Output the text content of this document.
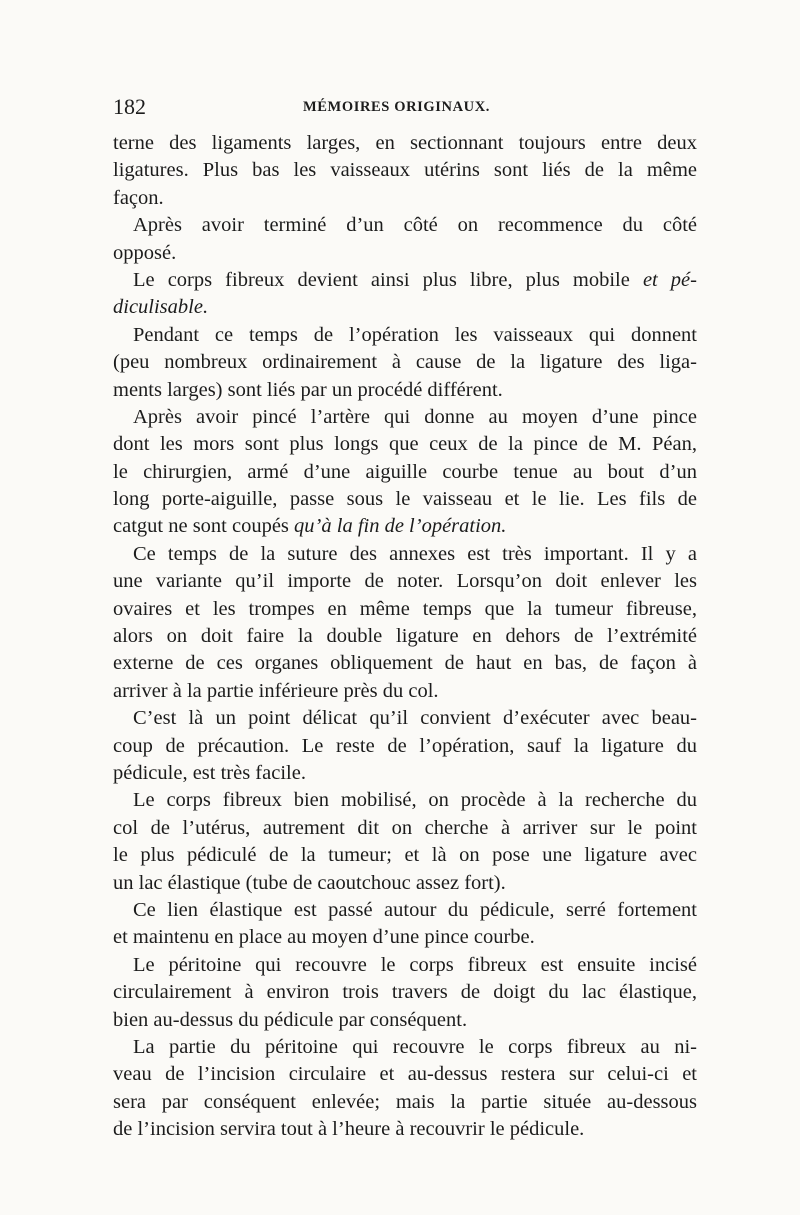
182	MÉMOIRES ORIGINAUX.
terne des ligaments larges, en sectionnant toujours entre deux
ligatures. Plus bas les vaisseaux utérins sont liés de la même
façon.
Après avoir terminé d’un côté on recommence du côté
opposé.
Le corps fibreux devient ainsi plus libre, plus mobile et pé-
diculisable.
Pendant ce temps de l’opération les vaisseaux qui donnent
(peu nombreux ordinairement à cause de la ligature des liga-
ments larges) sont liés par un procédé différent.
Après avoir pincé l’artère qui donne au moyen d’une pince
dont les mors sont plus longs que ceux de la pince de M. Péan,
le chirurgien, armé d’une aiguille courbe tenue au bout d’un
long porte-aiguille, passe sous le vaisseau et le lie. Les fils de
catgut ne sont coupés qu’à la fin de l’opération.
Ce temps de la suture des annexes est très important. Il y a
une variante qu’il importe de noter. Lorsqu’on doit enlever les
ovaires et les trompes en même temps que la tumeur fibreuse,
alors on doit faire la double ligature en dehors de l’extrémité
externe de ces organes obliquement de haut en bas, de façon à
arriver à la partie inférieure près du col.
C’est là un point délicat qu’il convient d’exécuter avec beau-
coup de précaution. Le reste de l’opération, sauf la ligature du
pédicule, est très facile.
Le corps fibreux bien mobilisé, on procède à la recherche du
col de l’utérus, autrement dit on cherche à arriver sur le point
le plus pédiculé de la tumeur; et là on pose une ligature avec
un lac élastique (tube de caoutchouc assez fort).
Ce lien élastique est passé autour du pédicule, serré fortement
et maintenu en place au moyen d’une pince courbe.
Le péritoine qui recouvre le corps fibreux est ensuite incisé
circulairement à environ trois travers de doigt du lac élastique,
bien au-dessus du pédicule par conséquent.
La partie du péritoine qui recouvre le corps fibreux au ni-
veau de l’incision circulaire et au-dessus restera sur celui-ci et
sera par conséquent enlevée; mais la partie située au-dessous
de l’incision servira tout à l’heure à recouvrir le pédicule.
